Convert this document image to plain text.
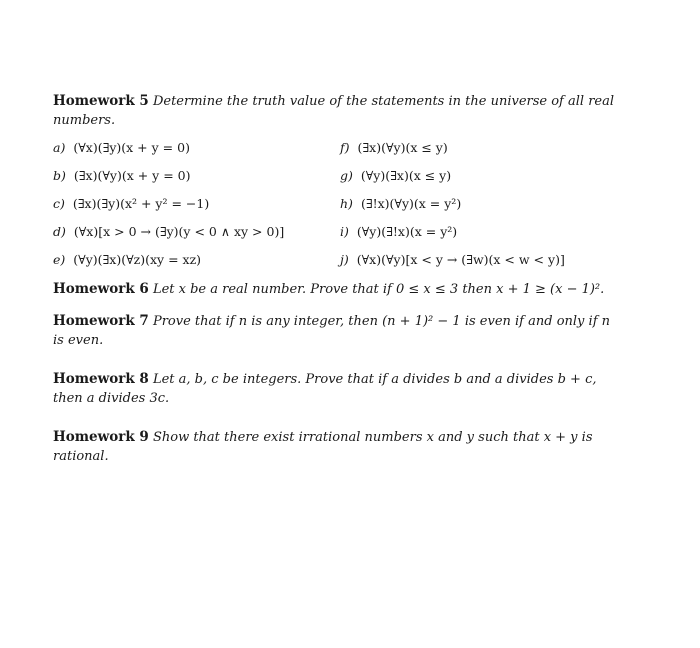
Homework 5 Determine the truth value of the statements in the universe of all real numbers.

a) (∀x)(∃y)(x + y = 0)	f) (∃x)(∀y)(x ≤ y)
b) (∃x)(∀y)(x + y = 0)	g) (∀y)(∃x)(x ≤ y)
c) (∃x)(∃y)(x² + y² = −1)	h) (∃!x)(∀y)(x = y²)
d) (∀x)[x > 0 → (∃y)(y < 0 ∧ xy > 0)]	i) (∀y)(∃!x)(x = y²)
e) (∀y)(∃x)(∀z)(xy = xz)	j) (∀x)(∀y)[x < y → (∃w)(x < w < y)]

Homework 6 Let x be a real number. Prove that if 0 ≤ x ≤ 3 then x + 1 ≥ (x − 1)².

Homework 7 Prove that if n is any integer, then (n + 1)² − 1 is even if and only if n is even.

Homework 8 Let a, b, c be integers. Prove that if a divides b and a divides b + c, then a divides 3c.

Homework 9 Show that there exist irrational numbers x and y such that x + y is rational.
